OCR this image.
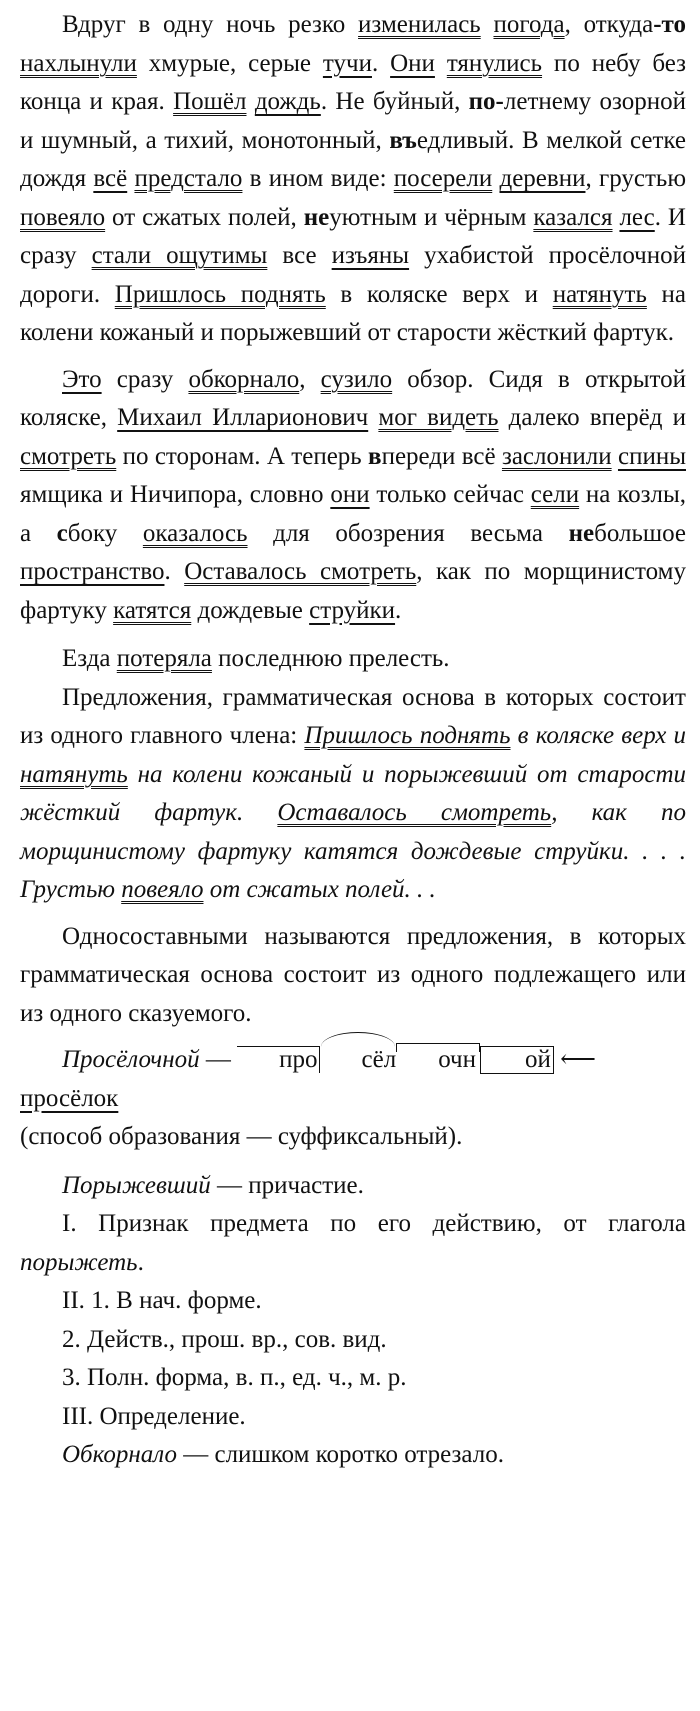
Вдруг в одну ночь резко изменилась погода, откуда-то нахлынули хмурые, серые тучи. Они тянулись по небу без конца и края. Пошёл дождь. Не буйный, по-летнему озорной и шумный, а тихий, монотонный, въедливый. В мелкой сетке дождя всё предстало в ином виде: посерели деревни, грустью повеяло от сжатых полей, неуютным и чёрным казался лес. И сразу стали ощутимы все изъяны ухабистой просёлочной дороги. Пришлось поднять в коляске верх и натянуть на колени кожаный и порыжевший от старости жёсткий фартук.

Это сразу обкорнало, сузило обзор. Сидя в открытой коляске, Михаил Илларионович мог видеть далеко вперёд и смотреть по сторонам. А теперь впереди всё заслонили спины ямщика и Ничипора, словно они только сейчас сели на козлы, а сбоку оказалось для обозрения весьма небольшое пространство. Оставалось смотреть, как по морщинистому фартуку катятся дождевые струйки.

Езда потеряла последнюю прелесть.

Предложения, грамматическая основа в которых состоит из одного главного члена: Пришлось поднять в коляске верх и натянуть на колени кожаный и порыжевший от старости жёсткий фартук. Оставалось смотреть, как по морщинистому фартуку катятся дождевые струйки. . . . Грустью повеяло от сжатых полей. . .

Односоставными называются предложения, в которых грамматическая основа состоит из одного подлежащего или из одного сказуемого.

Просёлочной — про сёл очн ой ⟵ просёлок

(способ образования — суффиксальный).

Порыжевший — причастие.

I. Признак предмета по его действию, от глагола порыжеть.

II. 1. В нач. форме.

2. Действ., прош. вр., сов. вид.

3. Полн. форма, в. п., ед. ч., м. р.

III. Определение.

Обкорнало — слишком коротко отрезало.
